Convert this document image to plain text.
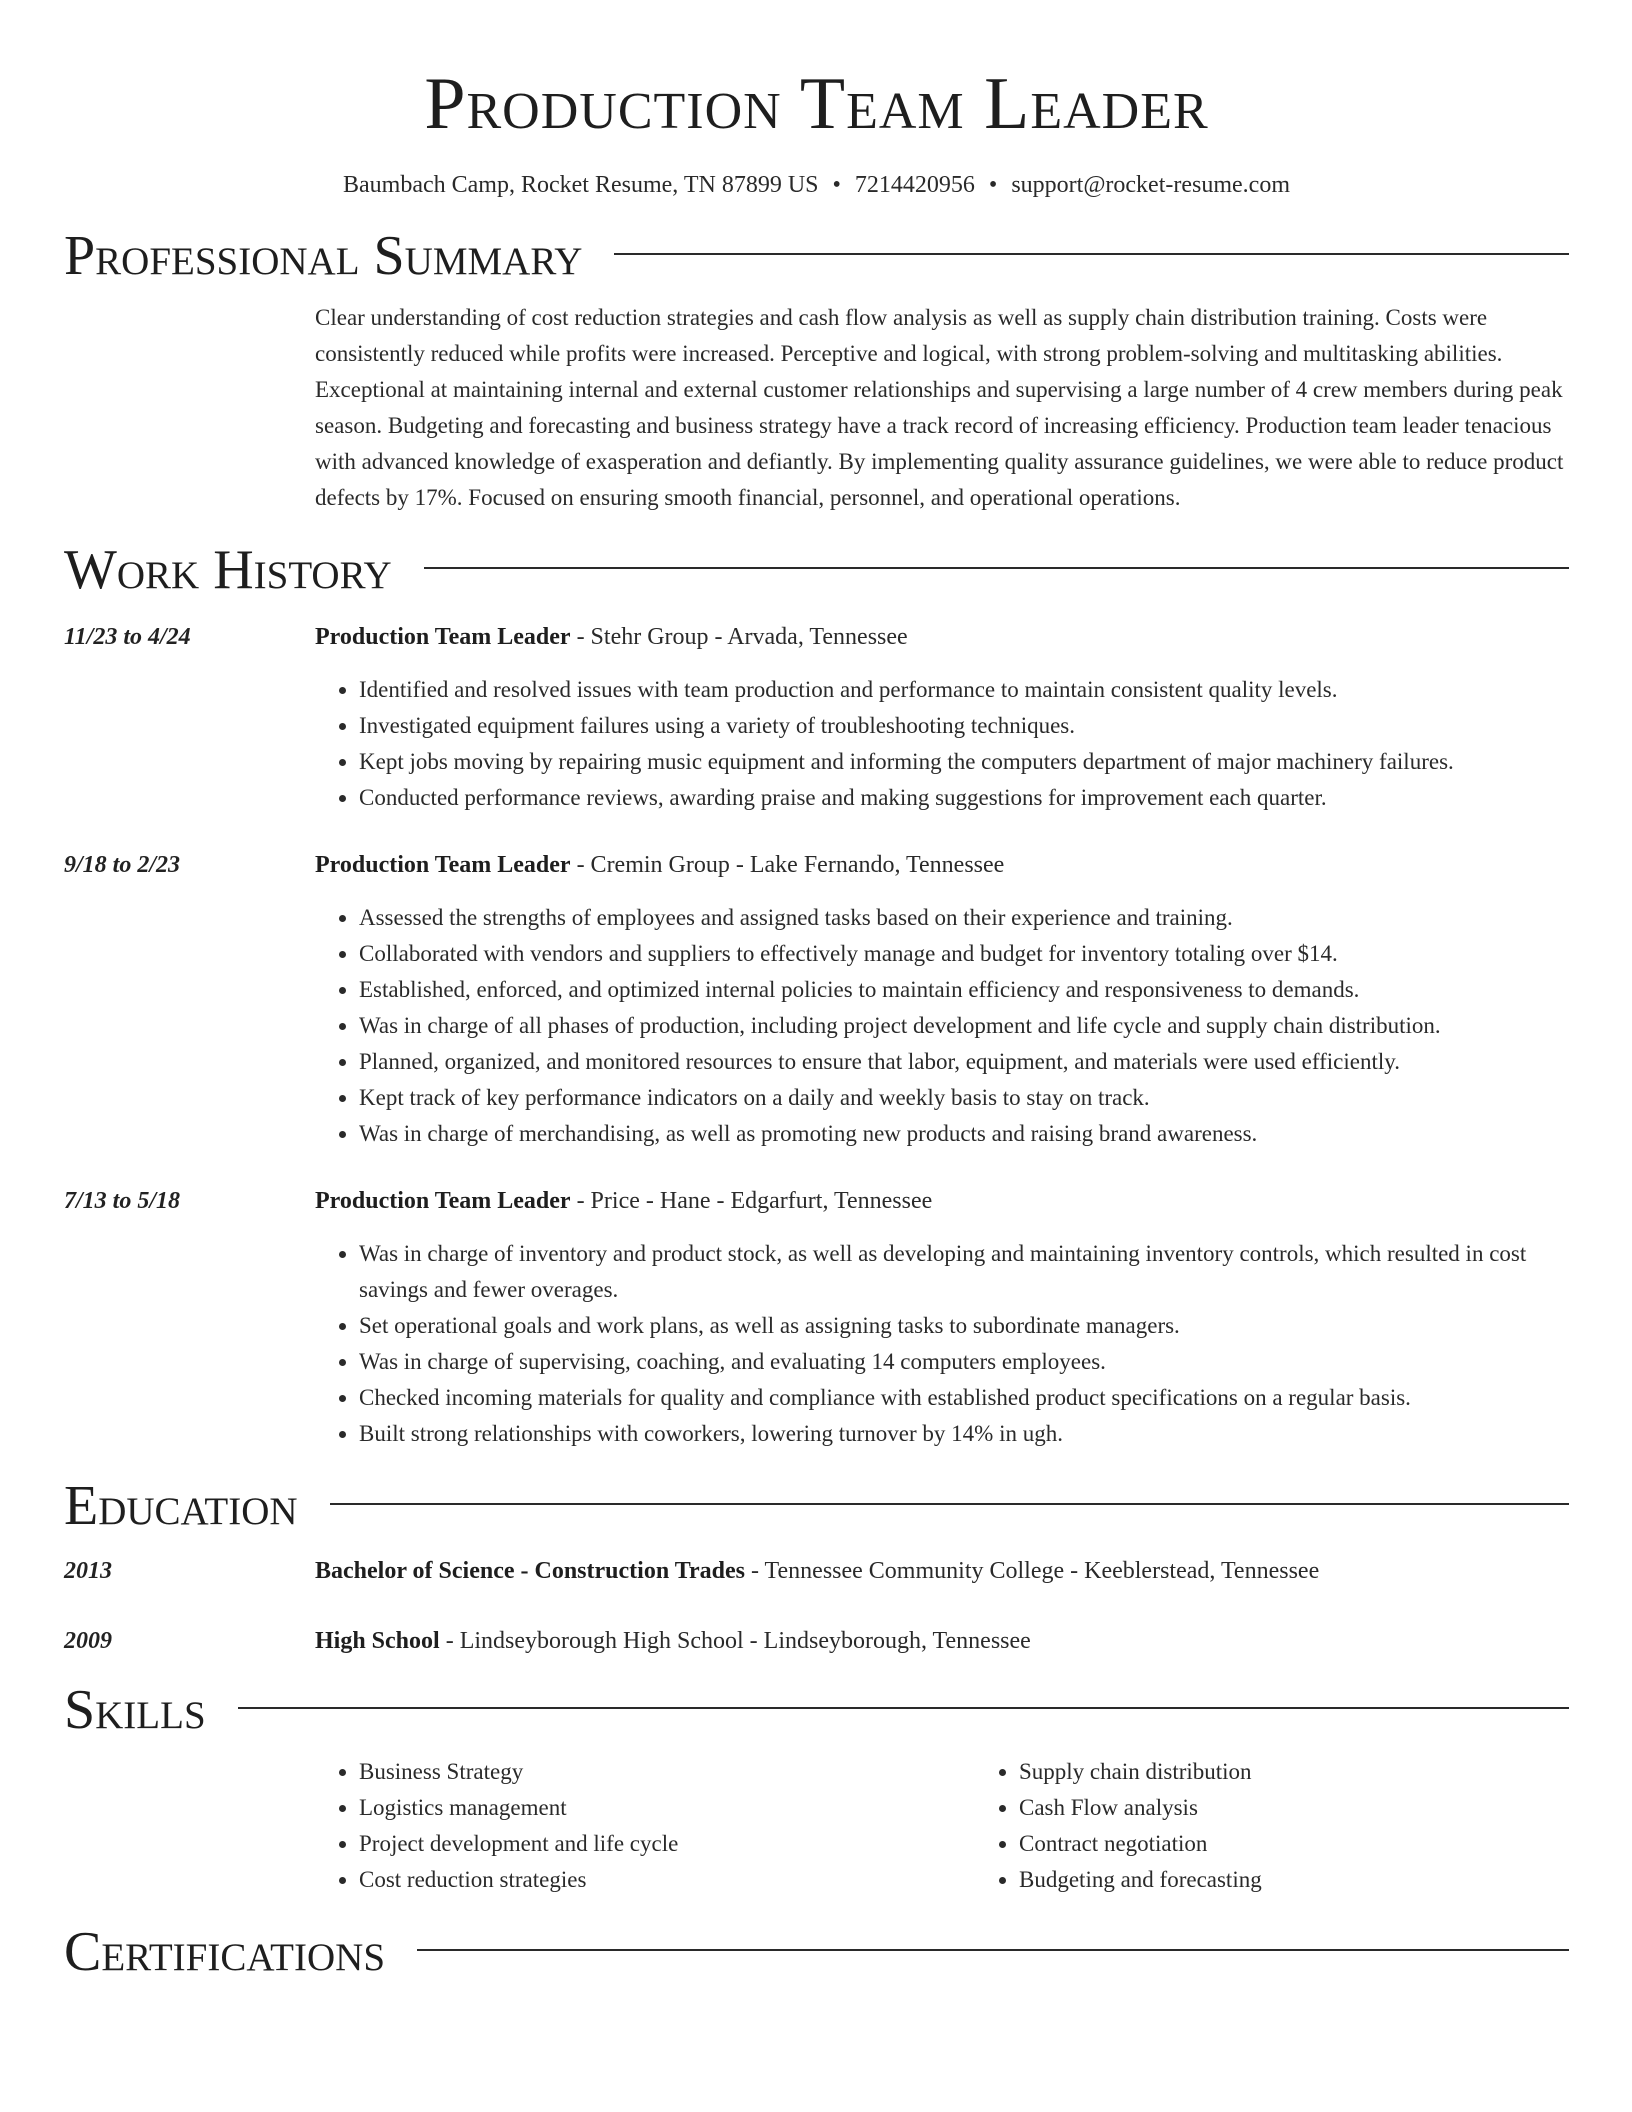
Production Team Leader
Baumbach Camp, Rocket Resume, TN 87899 US • 7214420956 • support@rocket-resume.com
Professional Summary
Clear understanding of cost reduction strategies and cash flow analysis as well as supply chain distribution training. Costs were consistently reduced while profits were increased. Perceptive and logical, with strong problem-solving and multitasking abilities. Exceptional at maintaining internal and external customer relationships and supervising a large number of 4 crew members during peak season. Budgeting and forecasting and business strategy have a track record of increasing efficiency. Production team leader tenacious with advanced knowledge of exasperation and defiantly. By implementing quality assurance guidelines, we were able to reduce product defects by 17%. Focused on ensuring smooth financial, personnel, and operational operations.
Work History
11/23 to 4/24	Production Team Leader - Stehr Group - Arvada, Tennessee
• Identified and resolved issues with team production and performance to maintain consistent quality levels.
• Investigated equipment failures using a variety of troubleshooting techniques.
• Kept jobs moving by repairing music equipment and informing the computers department of major machinery failures.
• Conducted performance reviews, awarding praise and making suggestions for improvement each quarter.
9/18 to 2/23	Production Team Leader - Cremin Group - Lake Fernando, Tennessee
• Assessed the strengths of employees and assigned tasks based on their experience and training.
• Collaborated with vendors and suppliers to effectively manage and budget for inventory totaling over $14.
• Established, enforced, and optimized internal policies to maintain efficiency and responsiveness to demands.
• Was in charge of all phases of production, including project development and life cycle and supply chain distribution.
• Planned, organized, and monitored resources to ensure that labor, equipment, and materials were used efficiently.
• Kept track of key performance indicators on a daily and weekly basis to stay on track.
• Was in charge of merchandising, as well as promoting new products and raising brand awareness.
7/13 to 5/18	Production Team Leader - Price - Hane - Edgarfurt, Tennessee
• Was in charge of inventory and product stock, as well as developing and maintaining inventory controls, which resulted in cost savings and fewer overages.
• Set operational goals and work plans, as well as assigning tasks to subordinate managers.
• Was in charge of supervising, coaching, and evaluating 14 computers employees.
• Checked incoming materials for quality and compliance with established product specifications on a regular basis.
• Built strong relationships with coworkers, lowering turnover by 14% in ugh.
Education
2013	Bachelor of Science - Construction Trades - Tennessee Community College - Keeblerstead, Tennessee
2009	High School - Lindseyborough High School - Lindseyborough, Tennessee
Skills
• Business Strategy
• Logistics management
• Project development and life cycle
• Cost reduction strategies
• Supply chain distribution
• Cash Flow analysis
• Contract negotiation
• Budgeting and forecasting
Certifications
